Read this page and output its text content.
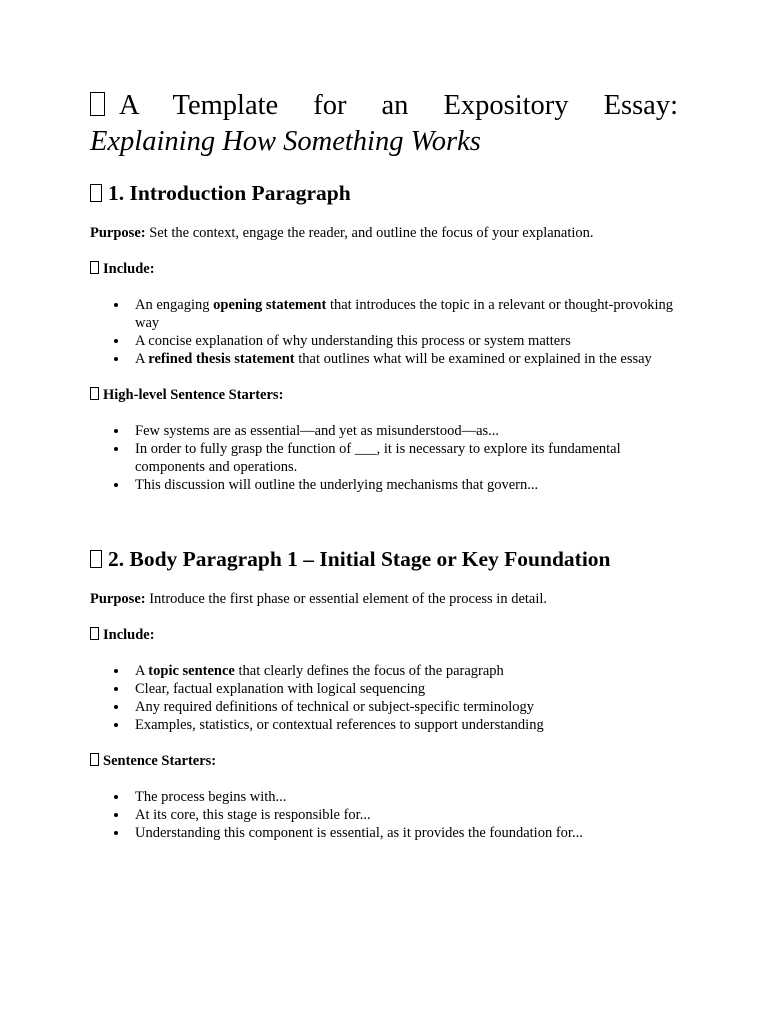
A Template for an Expository Essay:
Explaining How Something Works
1. Introduction Paragraph

Purpose: Set the context, engage the reader, and outline the focus of your explanation.

Include:

An engaging opening statement that introduces the topic in a relevant or thought-provoking way
A concise explanation of why understanding this process or system matters
A refined thesis statement that outlines what will be examined or explained in the essay

High-level Sentence Starters:

Few systems are as essential—and yet as misunderstood—as...
In order to fully grasp the function of ___, it is necessary to explore its fundamental components and operations.
This discussion will outline the underlying mechanisms that govern...
2. Body Paragraph 1 – Initial Stage or Key Foundation

Purpose: Introduce the first phase or essential element of the process in detail.

Include:

A topic sentence that clearly defines the focus of the paragraph
Clear, factual explanation with logical sequencing
Any required definitions of technical or subject-specific terminology
Examples, statistics, or contextual references to support understanding

Sentence Starters:

The process begins with...
At its core, this stage is responsible for...
Understanding this component is essential, as it provides the foundation for...
